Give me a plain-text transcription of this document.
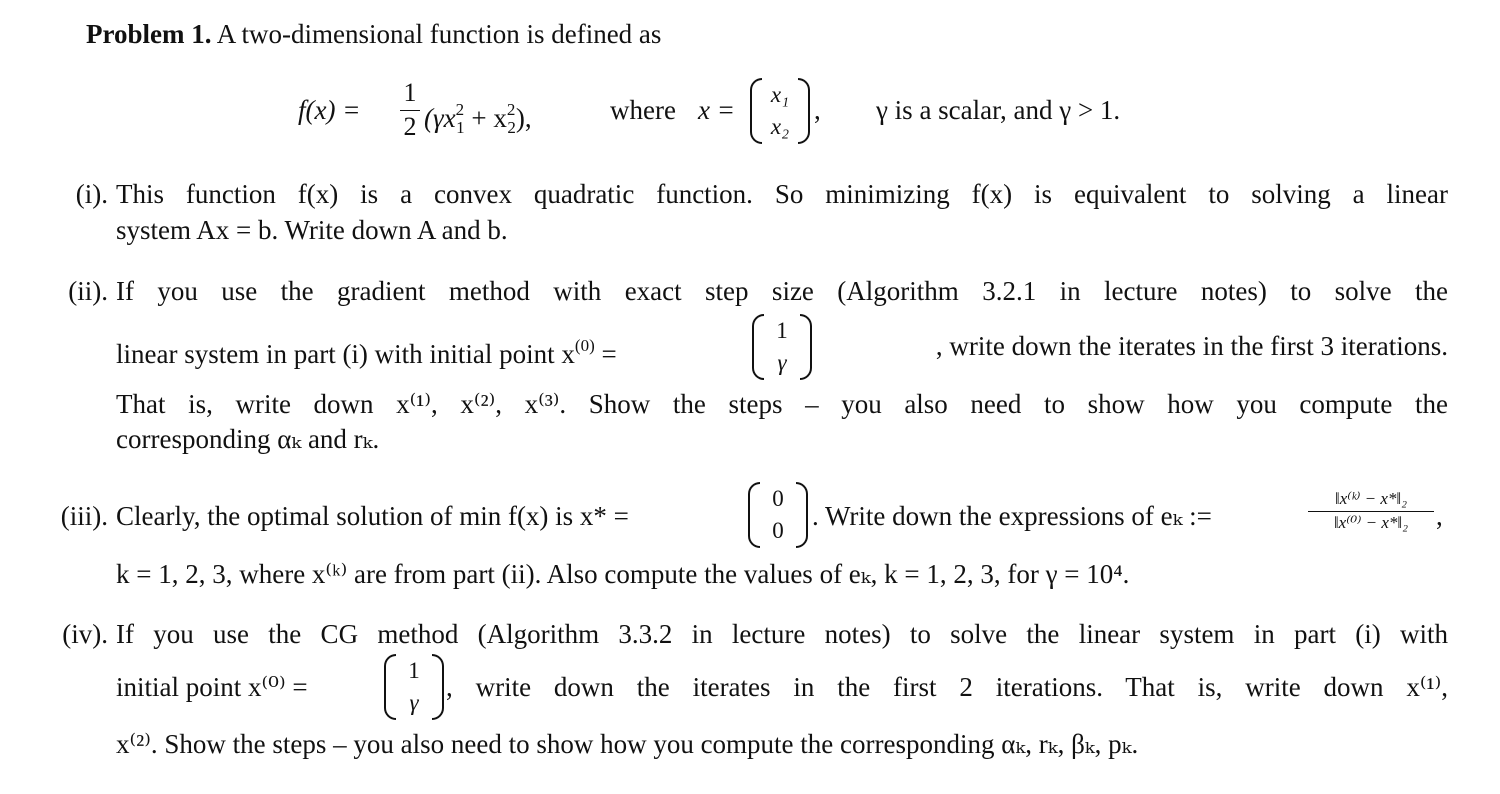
Problem 1. A two-dimensional function is defined as
f(x) =
1
2 $(\gamma x^2_1 + x^2_2)$,	where x =
x₁
x₂
, γ is a scalar, and γ > 1.
(i). This function f(x) is a convex quadratic function. So minimizing f(x) is equivalent to solving a linear
system Ax = b. Write down A and b.
(ii). If you use the gradient method with exact step size (Algorithm 3.2.1 in lecture notes) to solve the
linear system in part (i) with initial point $x^{(0)}$ =
1
γ
, write down the iterates in the first 3 iterations.
That is, write down x⁽¹⁾, x⁽²⁾, x⁽³⁾. Show the steps – you also need to show how you compute the
corresponding αₖ and rₖ.
(iii). Clearly, the optimal solution of min f(x) is x* =
0
0	. Write down the expressions of eₖ :=
‖x⁽ᵏ⁾ − x*‖₂
‖x⁽⁰⁾ − x*‖₂	,
k = 1, 2, 3, where x⁽ᵏ⁾ are from part (ii). Also compute the values of eₖ, k = 1, 2, 3, for γ = 10⁴.
(iv). If you use the CG method (Algorithm 3.3.2 in lecture notes) to solve the linear system in part (i) with
initial point x⁽⁰⁾ =
1
γ
, write down the iterates in the first 2 iterations. That is, write down x⁽¹⁾,
x⁽²⁾. Show the steps – you also need to show how you compute the corresponding αₖ, rₖ, βₖ, pₖ.
